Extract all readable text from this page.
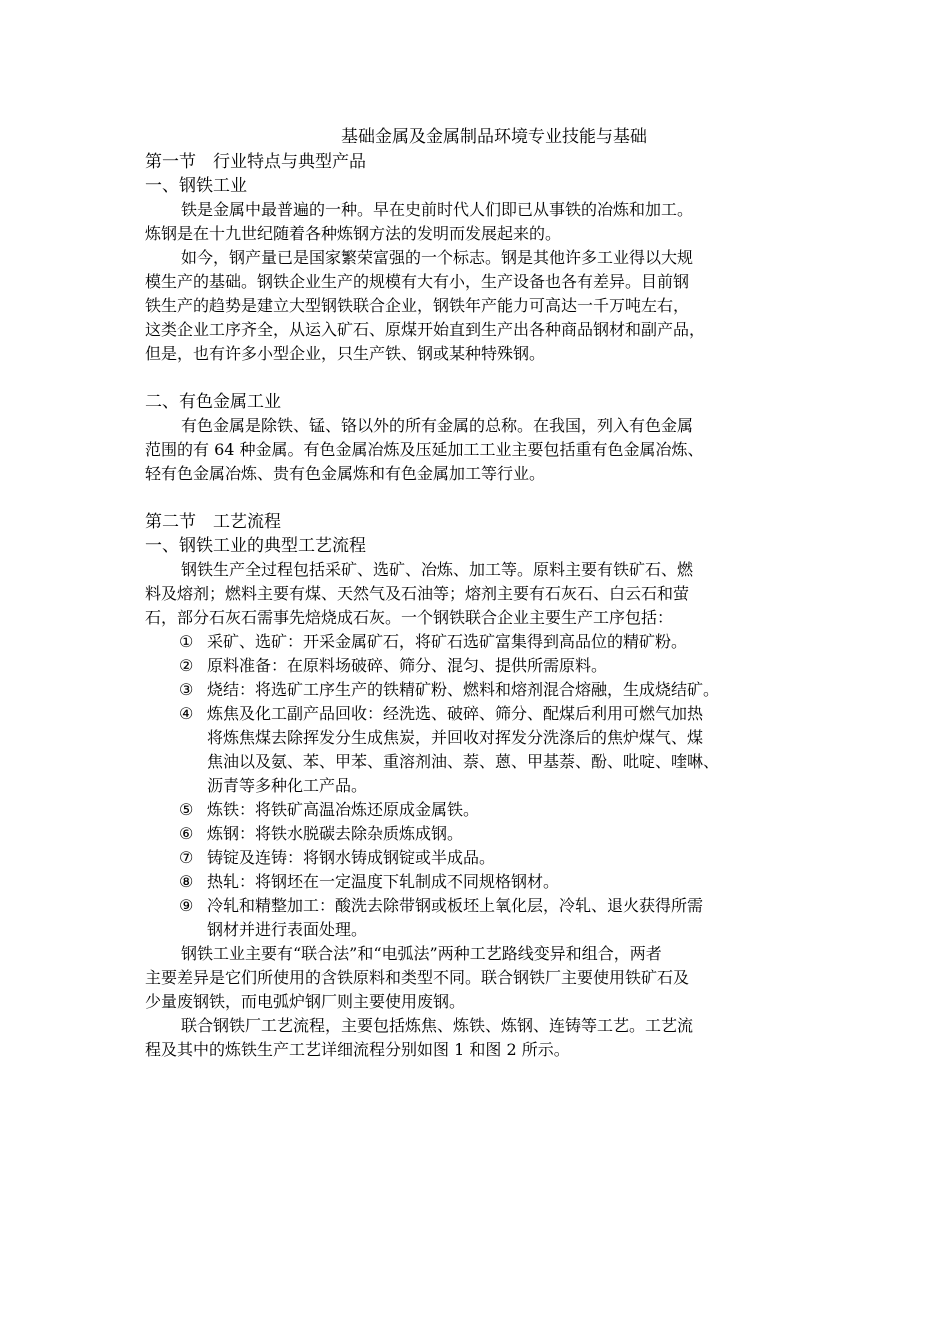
基础金属及金属制品环境专业技能与基础
第一节　行业特点与典型产品
一、钢铁工业
铁是金属中最普遍的一种。早在史前时代人们即已从事铁的冶炼和加工。
炼钢是在十九世纪随着各种炼钢方法的发明而发展起来的。
如今，钢产量已是国家繁荣富强的一个标志。钢是其他许多工业得以大规
模生产的基础。钢铁企业生产的规模有大有小，生产设备也各有差异。目前钢
铁生产的趋势是建立大型钢铁联合企业，钢铁年产能力可高达一千万吨左右，
这类企业工序齐全，从运入矿石、原煤开始直到生产出各种商品钢材和副产品，
但是，也有许多小型企业，只生产铁、钢或某种特殊钢。
二、有色金属工业
有色金属是除铁、锰、铬以外的所有金属的总称。在我国，列入有色金属
范围的有 64 种金属。有色金属冶炼及压延加工工业主要包括重有色金属冶炼、
轻有色金属冶炼、贵有色金属炼和有色金属加工等行业。
第二节　工艺流程
一、钢铁工业的典型工艺流程
钢铁生产全过程包括采矿、选矿、冶炼、加工等。原料主要有铁矿石、燃
料及熔剂；燃料主要有煤、天然气及石油等；熔剂主要有石灰石、白云石和萤
石，部分石灰石需事先焙烧成石灰。一个钢铁联合企业主要生产工序包括：
① 采矿、选矿：开采金属矿石，将矿石选矿富集得到高品位的精矿粉。
② 原料准备：在原料场破碎、筛分、混匀、提供所需原料。
③ 烧结：将选矿工序生产的铁精矿粉、燃料和熔剂混合熔融，生成烧结矿。
④ 炼焦及化工副产品回收：经洗选、破碎、筛分、配煤后利用可燃气加热
将炼焦煤去除挥发分生成焦炭，并回收对挥发分洗涤后的焦炉煤气、煤
焦油以及氨、苯、甲苯、重溶剂油、萘、蒽、甲基萘、酚、吡啶、喹啉、
沥青等多种化工产品。
⑤ 炼铁：将铁矿高温冶炼还原成金属铁。
⑥ 炼钢：将铁水脱碳去除杂质炼成钢。
⑦ 铸锭及连铸：将钢水铸成钢锭或半成品。
⑧ 热轧：将钢坯在一定温度下轧制成不同规格钢材。
⑨ 冷轧和精整加工：酸洗去除带钢或板坯上氧化层，冷轧、退火获得所需
钢材并进行表面处理。
钢铁工业主要有“联合法”和“电弧法”两种工艺路线变异和组合，两者
主要差异是它们所使用的含铁原料和类型不同。联合钢铁厂主要使用铁矿石及
少量废钢铁，而电弧炉钢厂则主要使用废钢。
联合钢铁厂工艺流程，主要包括炼焦、炼铁、炼钢、连铸等工艺。工艺流
程及其中的炼铁生产工艺详细流程分别如图 1 和图 2 所示。
